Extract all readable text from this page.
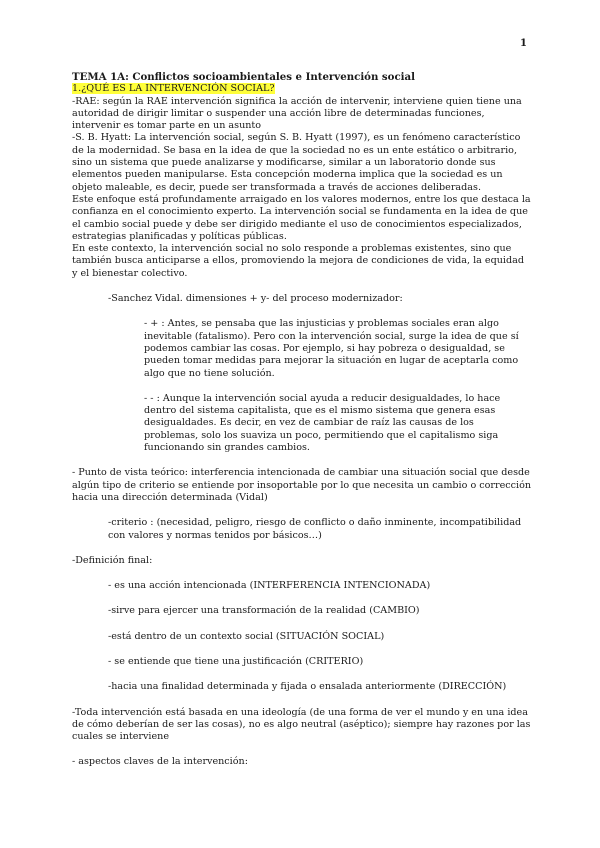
1

TEMA 1A: Conflictos socioambientales e Intervención social

1.¿QUÉ ES LA INTERVENCIÓN SOCIAL?

-RAE: según la RAE intervención significa la acción de intervenir, interviene quien tiene una autoridad de dirigir limitar o suspender una acción libre de determinadas funciones, intervenir es tomar parte en un asunto

-S. B. Hyatt: La intervención social, según S. B. Hyatt (1997), es un fenómeno característico de la modernidad. Se basa en la idea de que la sociedad no es un ente estático o arbitrario, sino un sistema que puede analizarse y modificarse, similar a un laboratorio donde sus elementos pueden manipularse. Esta concepción moderna implica que la sociedad es un objeto maleable, es decir, puede ser transformada a través de acciones deliberadas.

Este enfoque está profundamente arraigado en los valores modernos, entre los que destaca la confianza en el conocimiento experto. La intervención social se fundamenta en la idea de que el cambio social puede y debe ser dirigido mediante el uso de conocimientos especializados, estrategias planificadas y políticas públicas.

En este contexto, la intervención social no solo responde a problemas existentes, sino que también busca anticiparse a ellos, promoviendo la mejora de condiciones de vida, la equidad y el bienestar colectivo.

-Sanchez Vidal. dimensiones + y- del proceso modernizador:

- + : Antes, se pensaba que las injusticias y problemas sociales eran algo inevitable (fatalismo). Pero con la intervención social, surge la idea de que sí podemos cambiar las cosas. Por ejemplo, si hay pobreza o desigualdad, se pueden tomar medidas para mejorar la situación en lugar de aceptarla como algo que no tiene solución.

- - : Aunque la intervención social ayuda a reducir desigualdades, lo hace dentro del sistema capitalista, que es el mismo sistema que genera esas desigualdades. Es decir, en vez de cambiar de raíz las causas de los problemas, solo los suaviza un poco, permitiendo que el capitalismo siga funcionando sin grandes cambios.

- Punto de vista teórico: interferencia intencionada de cambiar una situación social que desde algún tipo de criterio se entiende por insoportable por lo que necesita un cambio o corrección hacia una dirección determinada (Vidal)

-criterio : (necesidad, peligro, riesgo de conflicto o daño inminente, incompatibilidad con valores y normas tenidos por básicos…)

-Definición final:

- es una acción intencionada (INTERFERENCIA INTENCIONADA)

-sirve para ejercer una transformación de la realidad (CAMBIO)

-está dentro de un contexto social (SITUACIÓN SOCIAL)

- se entiende que tiene una justificación (CRITERIO)

-hacia una finalidad determinada y fijada o ensalada anteriormente (DIRECCIÓN)

-Toda intervención está basada en una ideología (de una forma de ver el mundo y en una idea de cómo deberían de ser las cosas), no es algo neutral (aséptico); siempre hay razones por las cuales se interviene

- aspectos claves de la intervención:
